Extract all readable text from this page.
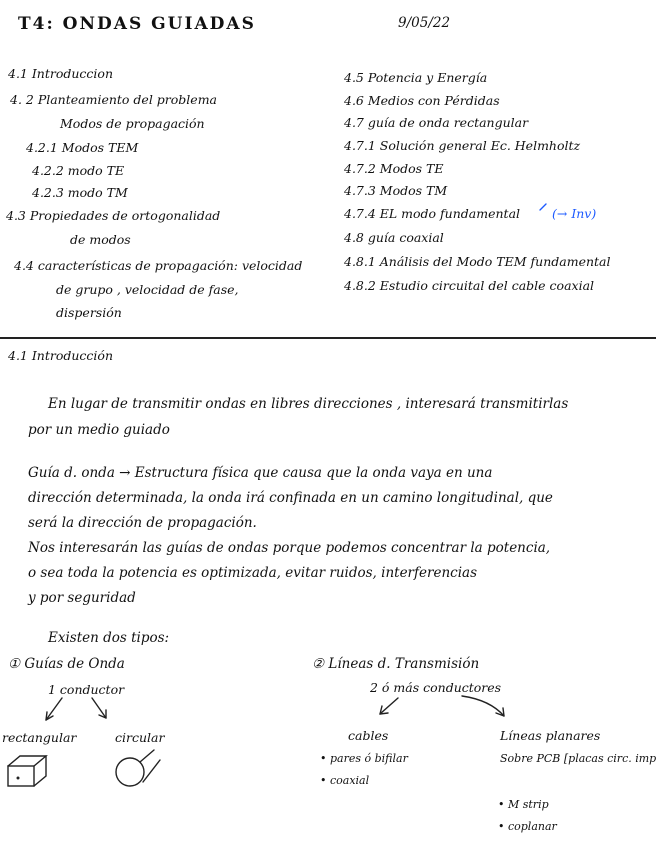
T4: ONDAS GUIADAS	9/05/22
4.1 Introduccion
4. 2 Planteamiento del problema
Modos de propagación
4.2.1 Modos TEM
4.2.2 modo TE
4.2.3 modo TM
4.3 Propiedades de ortogonalidad
de modos
4.4 características de propagación: velocidad
de grupo , velocidad de fase,
dispersión
4.5 Potencia y Energía
4.6 Medios con Pérdidas
4.7 guía de onda rectangular
4.7.1 Solución general Ec. Helmholtz
4.7.2 Modos TE
4.7.3 Modos TM
4.7.4 EL modo fundamental	(→ Inv)
4.8 guía coaxial
4.8.1 Análisis del Modo TEM fundamental
4.8.2 Estudio circuital del cable coaxial
4.1 Introducción
En lugar de transmitir ondas en libres direcciones , interesará transmitirlas
por un medio guiado
Guía d. onda → Estructura física que causa que la onda vaya en una
dirección determinada, la onda irá confinada en un camino longitudinal, que
será la dirección de propagación.
Nos interesarán las guías de ondas porque podemos concentrar la potencia,
o sea toda la potencia es optimizada, evitar ruidos, interferencias
y por seguridad
Existen dos tipos:
① Guías de Onda
1 conductor
rectangular	circular
② Líneas d. Transmisión
2 ó más conductores
cables
• pares ó bifilar
• coaxial
Líneas planares
Sobre PCB [placas circ. imp
• M strip
• coplanar
